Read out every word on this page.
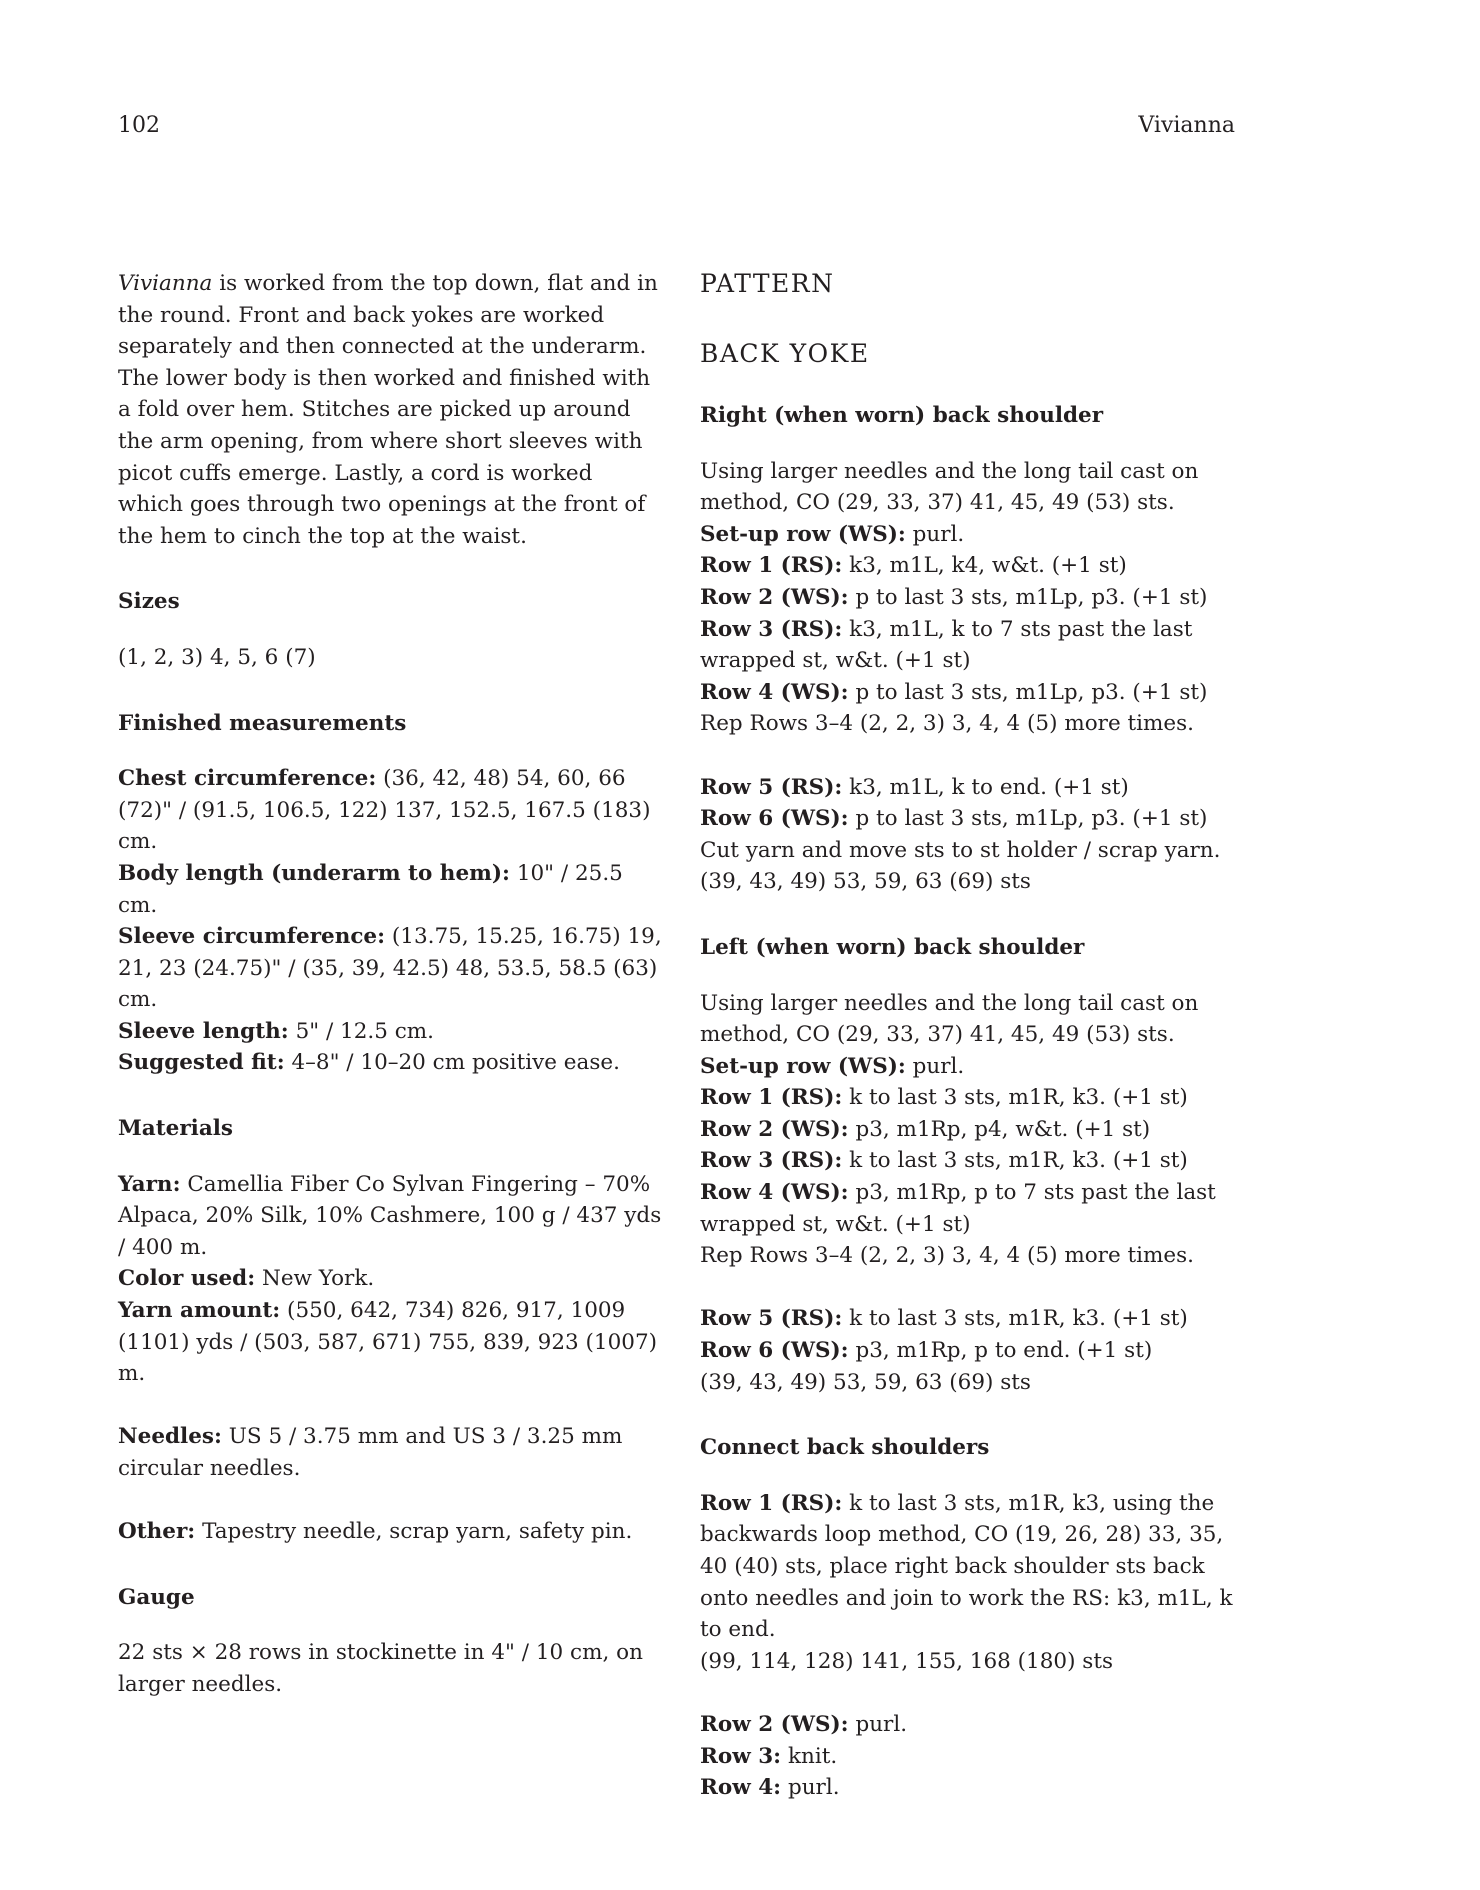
102	Vivianna

Vivianna is worked from the top down, flat and in the round. Front and back yokes are worked separately and then connected at the underarm. The lower body is then worked and finished with a fold over hem. Stitches are picked up around the arm opening, from where short sleeves with picot cuffs emerge. Lastly, a cord is worked which goes through two openings at the front of the hem to cinch the top at the waist.

Sizes

(1, 2, 3) 4, 5, 6 (7)

Finished measurements

Chest circumference: (36, 42, 48) 54, 60, 66 (72)" / (91.5, 106.5, 122) 137, 152.5, 167.5 (183) cm.

Body length (underarm to hem): 10" / 25.5 cm.

Sleeve circumference: (13.75, 15.25, 16.75) 19, 21, 23 (24.75)" / (35, 39, 42.5) 48, 53.5, 58.5 (63) cm.

Sleeve length: 5" / 12.5 cm.

Suggested fit: 4–8" / 10–20 cm positive ease.

Materials

Yarn: Camellia Fiber Co Sylvan Fingering – 70% Alpaca, 20% Silk, 10% Cashmere, 100 g / 437 yds / 400 m.

Color used: New York.

Yarn amount: (550, 642, 734) 826, 917, 1009 (1101) yds / (503, 587, 671) 755, 839, 923 (1007) m.

Needles: US 5 / 3.75 mm and US 3 / 3.25 mm circular needles.

Other: Tapestry needle, scrap yarn, safety pin.

Gauge

22 sts × 28 rows in stockinette in 4" / 10 cm, on larger needles.

PATTERN

BACK YOKE

Right (when worn) back shoulder

Using larger needles and the long tail cast on method, CO (29, 33, 37) 41, 45, 49 (53) sts.

Set-up row (WS): purl.

Row 1 (RS): k3, m1L, k4, w&t. (+1 st)

Row 2 (WS): p to last 3 sts, m1Lp, p3. (+1 st)

Row 3 (RS): k3, m1L, k to 7 sts past the last wrapped st, w&t. (+1 st)

Row 4 (WS): p to last 3 sts, m1Lp, p3. (+1 st)

Rep Rows 3–4 (2, 2, 3) 3, 4, 4 (5) more times.

Row 5 (RS): k3, m1L, k to end. (+1 st)

Row 6 (WS): p to last 3 sts, m1Lp, p3. (+1 st)

Cut yarn and move sts to st holder / scrap yarn.

(39, 43, 49) 53, 59, 63 (69) sts

Left (when worn) back shoulder

Using larger needles and the long tail cast on method, CO (29, 33, 37) 41, 45, 49 (53) sts.

Set-up row (WS): purl.

Row 1 (RS): k to last 3 sts, m1R, k3. (+1 st)

Row 2 (WS): p3, m1Rp, p4, w&t. (+1 st)

Row 3 (RS): k to last 3 sts, m1R, k3. (+1 st)

Row 4 (WS): p3, m1Rp, p to 7 sts past the last wrapped st, w&t. (+1 st)

Rep Rows 3–4 (2, 2, 3) 3, 4, 4 (5) more times.

Row 5 (RS): k to last 3 sts, m1R, k3. (+1 st)

Row 6 (WS): p3, m1Rp, p to end. (+1 st)

(39, 43, 49) 53, 59, 63 (69) sts

Connect back shoulders

Row 1 (RS): k to last 3 sts, m1R, k3, using the backwards loop method, CO (19, 26, 28) 33, 35, 40 (40) sts, place right back shoulder sts back onto needles and join to work the RS: k3, m1L, k to end.

(99, 114, 128) 141, 155, 168 (180) sts

Row 2 (WS): purl.

Row 3: knit.

Row 4: purl.
